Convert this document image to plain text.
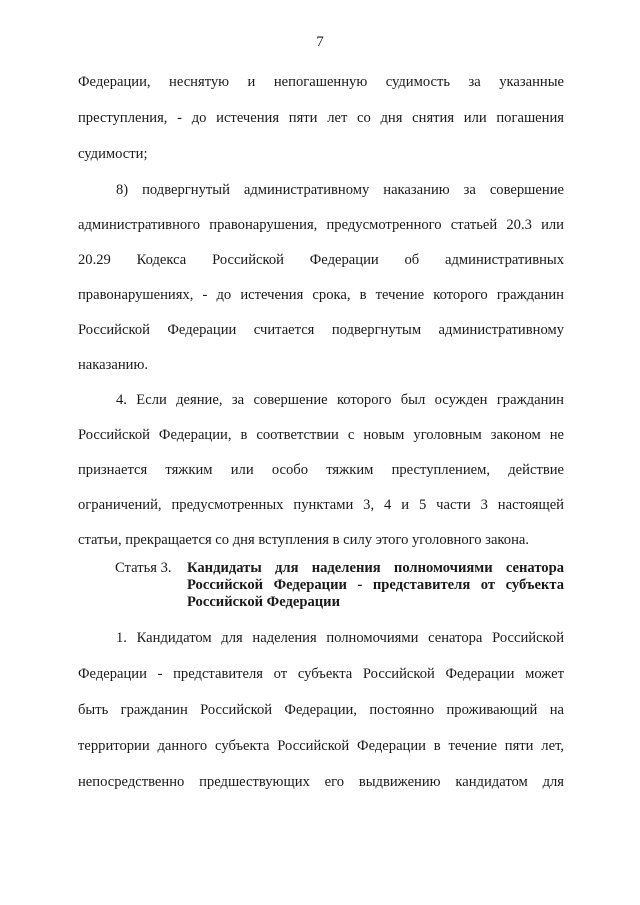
7
Федерации, неснятую и непогашенную судимость за указанные
преступления, - до истечения пяти лет со дня снятия или погашения
судимости;
8) подвергнутый административному наказанию за совершение
административного правонарушения, предусмотренного статьей 20.3 или
20.29 Кодекса Российской Федерации об административных
правонарушениях, - до истечения срока, в течение которого гражданин
Российской Федерации считается подвергнутым административному
наказанию.
4. Если деяние, за совершение которого был осужден гражданин
Российской Федерации, в соответствии с новым уголовным законом не
признается тяжким или особо тяжким преступлением, действие
ограничений, предусмотренных пунктами 3, 4 и 5 части 3 настоящей
статьи, прекращается со дня вступления в силу этого уголовного закона.
Статья 3. Кандидаты для наделения полномочиями сенатора
Российской Федерации - представителя от субъекта
Российской Федерации
1. Кандидатом для наделения полномочиями сенатора Российской
Федерации - представителя от субъекта Российской Федерации может
быть гражданин Российской Федерации, постоянно проживающий на
территории данного субъекта Российской Федерации в течение пяти лет,
непосредственно предшествующих его выдвижению кандидатом для
